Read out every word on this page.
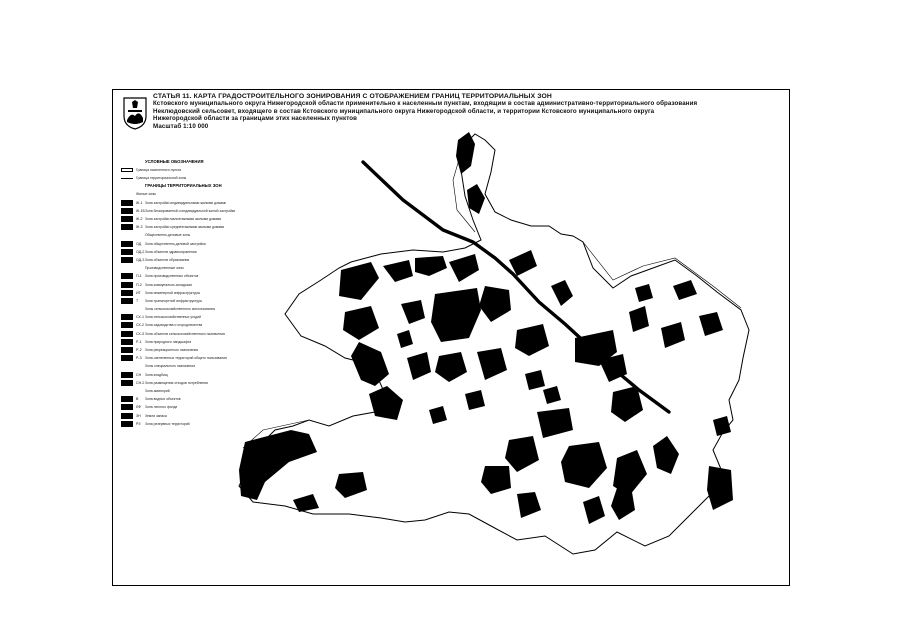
СТАТЬЯ 11. КАРТА ГРАДОСТРОИТЕЛЬНОГО ЗОНИРОВАНИЯ С ОТОБРАЖЕНИЕМ ГРАНИЦ ТЕРРИТОРИАЛЬНЫХ ЗОН
Кстовского муниципального округа Нижегородской области применительно к населенным пунктам, входящим в состав административно-территориального образования
Неклюдовский сельсовет, входящего в состав Кстовского муниципального округа Нижегородской области, и территории Кстовского муниципального округа
Нижегородской области за границами этих населенных пунктов
Масштаб 1:10 000
УСЛОВНЫЕ ОБОЗНАЧЕНИЯ
Граница населенного пункта
Граница территориальной зоны
ГРАНИЦЫ ТЕРРИТОРИАЛЬНЫХ ЗОН
Жилые зоны
Ж-1 Зона застройки индивидуальными жилыми домами
Ж-1Б Зона блокированной и индивидуальной жилой застройки
Ж-2 Зона застройки малоэтажными жилыми домами
Ж-3 Зона застройки среднеэтажными жилыми домами
Общественно-деловые зоны
ОД	Зона общественно-деловой застройки
ОД-2 Зона объектов здравоохранения
ОД-3 Зона объектов образования
Производственные зоны
П-1 Зона производственных объектов
П-2 Зона коммунально-складская
ИТ	Зона инженерной инфраструктуры
Т	Зона транспортной инфраструктуры
Зоны сельскохозяйственного использования
СХ-1 Зона сельскохозяйственных угодий
СХ-2 Зона садоводства и огородничества
СХ-3 Зона объектов сельскохозяйственного назначения
Р-1	Зона природного ландшафта
Р-2	Зона рекреационного назначения
Р-3	Зона озелененных территорий общего пользования
Зоны специального назначения
СН	Зона кладбищ
СН-2 Зона размещения отходов потребления
Зона акваторий
В	Зона водных объектов
ЛФ	Зона лесного фонда
ЗН	Земли запаса
РЗ	Зона резервных территорий
